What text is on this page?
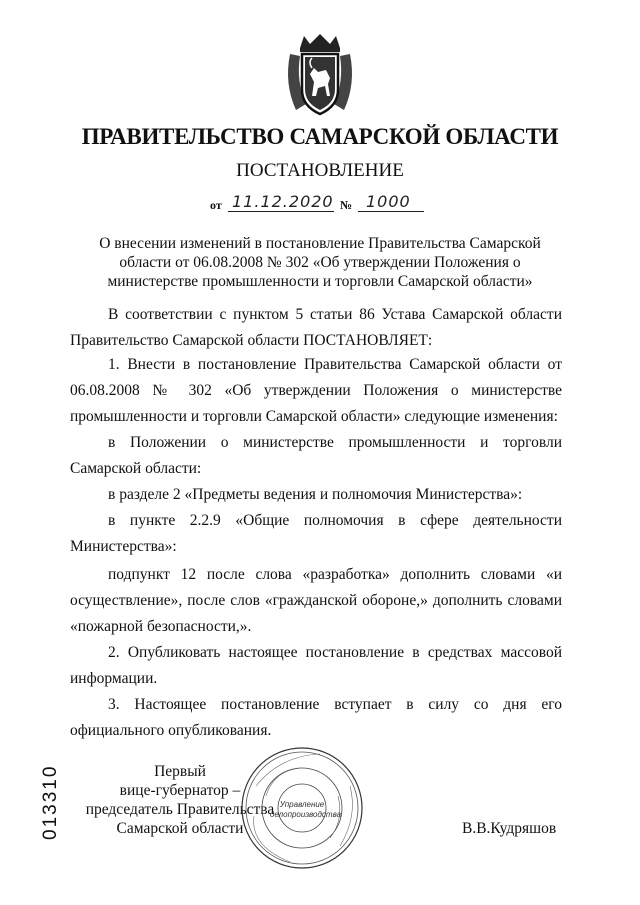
ПРАВИТЕЛЬСТВО САМАРСКОЙ ОБЛАСТИ
ПОСТАНОВЛЕНИЕ
от 11.12.2020 № 1000
О внесении изменений в постановление Правительства Самарской области от 06.08.2008 № 302 «Об утверждении Положения о министерстве промышленности и торговли Самарской области»
В соответствии с пунктом 5 статьи 86 Устава Самарской области Правительство Самарской области ПОСТАНОВЛЯЕТ:
1. Внести в постановление Правительства Самарской области от 06.08.2008 № 302 «Об утверждении Положения о министерстве промышленности и торговли Самарской области» следующие изменения:
в Положении о министерстве промышленности и торговли Самарской области:
в разделе 2 «Предметы ведения и полномочия Министерства»:
в пункте 2.2.9 «Общие полномочия в сфере деятельности Министерства»:
подпункт 12 после слова «разработка» дополнить словами «и осуществление», после слов «гражданской обороне,» дополнить словами «пожарной безопасности,».
2. Опубликовать настоящее постановление в средствах массовой информации.
3. Настоящее постановление вступает в силу со дня его официального опубликования.
Первый
вице-губернатор –
председатель Правительства
Самарской области	В.В.Кудряшов
Управление
делопроизводства
013310
